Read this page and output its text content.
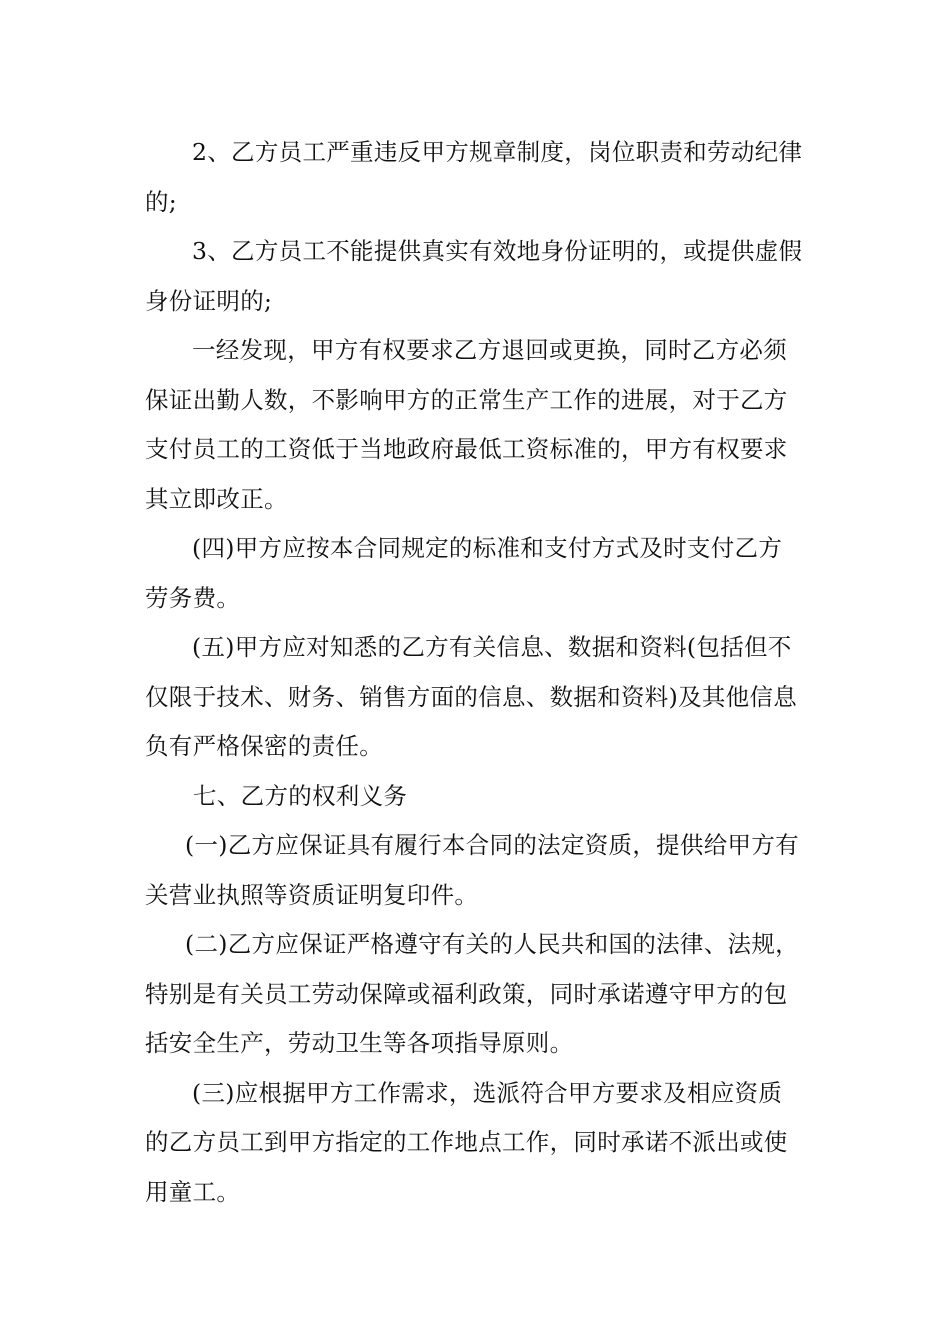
2、乙方员工严重违反甲方规章制度，岗位职责和劳动纪律
的;

3、乙方员工不能提供真实有效地身份证明的，或提供虚假
身份证明的;

一经发现，甲方有权要求乙方退回或更换，同时乙方必须
保证出勤人数，不影响甲方的正常生产工作的进展，对于乙方
支付员工的工资低于当地政府最低工资标准的，甲方有权要求
其立即改正。

(四)甲方应按本合同规定的标准和支付方式及时支付乙方
劳务费。

(五)甲方应对知悉的乙方有关信息、数据和资料(包括但不
仅限于技术、财务、销售方面的信息、数据和资料)及其他信息
负有严格保密的责任。

七、乙方的权利义务

(一)乙方应保证具有履行本合同的法定资质，提供给甲方有
关营业执照等资质证明复印件。

(二)乙方应保证严格遵守有关的人民共和国的法律、法规，
特别是有关员工劳动保障或福利政策，同时承诺遵守甲方的包
括安全生产，劳动卫生等各项指导原则。

(三)应根据甲方工作需求，选派符合甲方要求及相应资质
的乙方员工到甲方指定的工作地点工作，同时承诺不派出或使
用童工。
